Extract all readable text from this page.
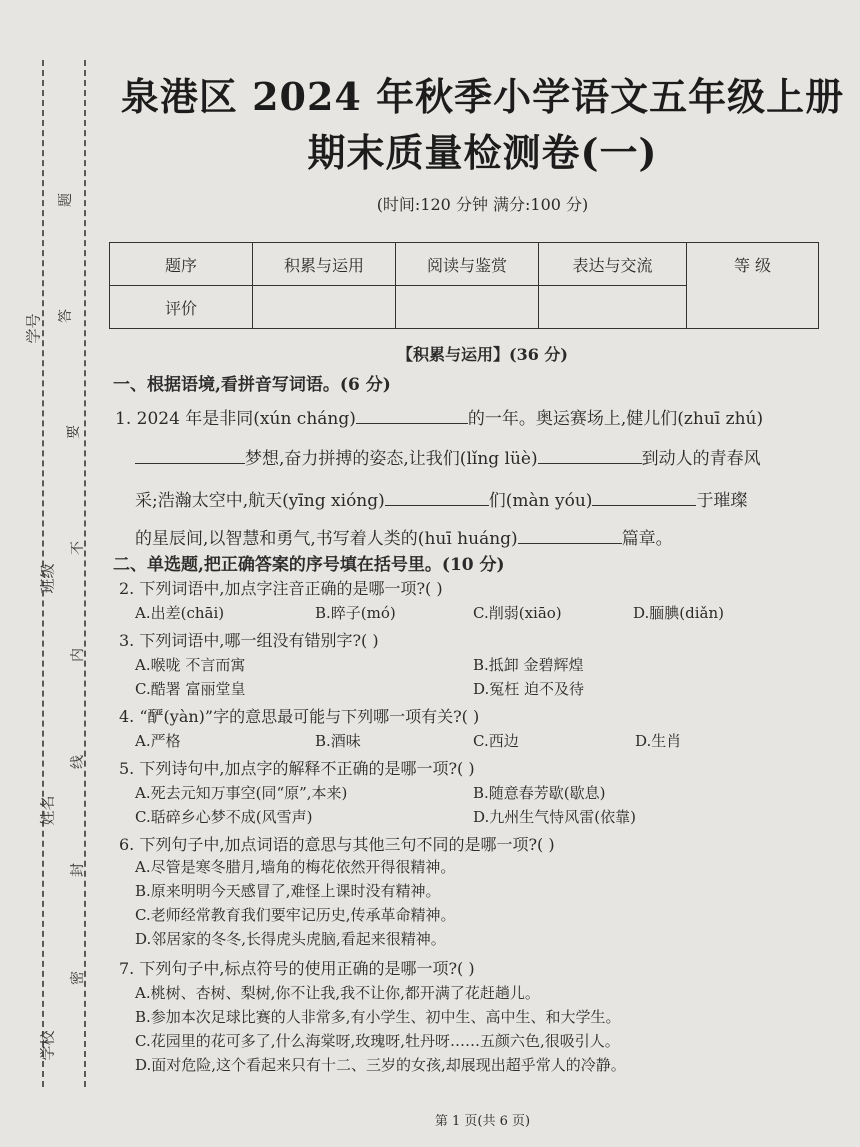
学号
班级
姓名
学校
题
答
要
不
内
线
封
密
泉港区 2024 年秋季小学语文五年级上册
期末质量检测卷(一)
(时间:120 分钟 满分:100 分)
题序	积累与运用	阅读与鉴赏	表达与交流	等 级
评价				
【积累与运用】(36 分)
一、根据语境,看拼音写词语。(6 分)
1. 2024 年是非同(xún cháng)	的一年。奥运赛场上,健儿们(zhuī zhú)
梦想,奋力拼搏的姿态,让我们(lǐng lüè)	到动人的青春风
采;浩瀚太空中,航天(yīng xióng)	们(màn yóu)	于璀璨
的星辰间,以智慧和勇气,书写着人类的(huī huáng)	篇章。
二、单选题,把正确答案的序号填在括号里。(10 分)
2. 下列词语中,加点字注音正确的是哪一项?( )
A.出差(chāi)	B.睟子(mó)	C.削弱(xiāo)	D.腼腆(diǎn)
3. 下列词语中,哪一组没有错别字?( )
A.喉咙 不言而寓	B.抵卸 金碧辉煌
C.酷署 富丽堂皇	D.冤枉 迫不及待
4. “酽(yàn)”字的意思最可能与下列哪一项有关?( )
A.严格	B.酒味	C.西边	D.生肖
5. 下列诗句中,加点字的解释不正确的是哪一项?( )
A.死去元知万事空(同“原”,本来)	B.随意春芳歇(歇息)
C.聒碎乡心梦不成(风雪声)	D.九州生气恃风雷(依靠)
6. 下列句子中,加点词语的意思与其他三句不同的是哪一项?( )
A.尽管是寒冬腊月,墙角的梅花依然开得很精神。
B.原来明明今天感冒了,难怪上课时没有精神。
C.老师经常教育我们要牢记历史,传承革命精神。
D.邻居家的冬冬,长得虎头虎脑,看起来很精神。
7. 下列句子中,标点符号的使用正确的是哪一项?( )
A.桃树、杏树、梨树,你不让我,我不让你,都开满了花赶趟儿。
B.参加本次足球比赛的人非常多,有小学生、初中生、高中生、和大学生。
C.花园里的花可多了,什么海棠呀,玫瑰呀,牡丹呀……五颜六色,很吸引人。
D.面对危险,这个看起来只有十二、三岁的女孩,却展现出超乎常人的冷静。
第 1 页(共 6 页)
